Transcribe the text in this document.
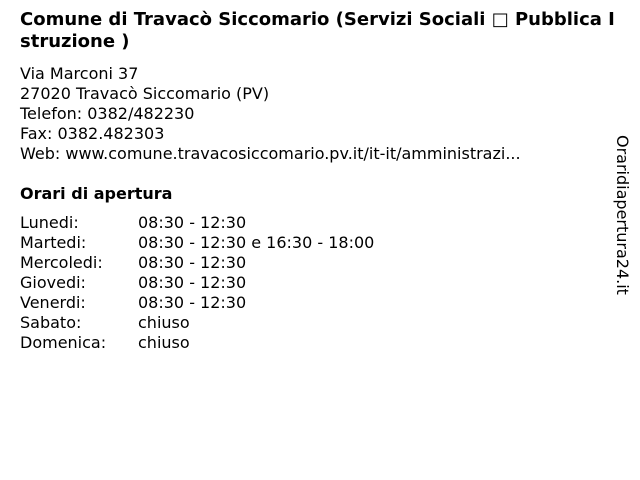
Comune di Travacò Siccomario (Servizi Sociali □ Pubblica Istruzione )
Via Marconi 37
27020 Travacò Siccomario (PV)
Telefon: 0382/482230
Fax: 0382.482303
Web: www.comune.travacosiccomario.pv.it/it-it/amministrazi...
Orari di apertura
Lunedi:	08:30 - 12:30
Martedi:	08:30 - 12:30 e 16:30 - 18:00
Mercoledi:	08:30 - 12:30
Giovedi:	08:30 - 12:30
Venerdi:	08:30 - 12:30
Sabato:	chiuso
Domenica:	chiuso
Oraridiapertura24.it
